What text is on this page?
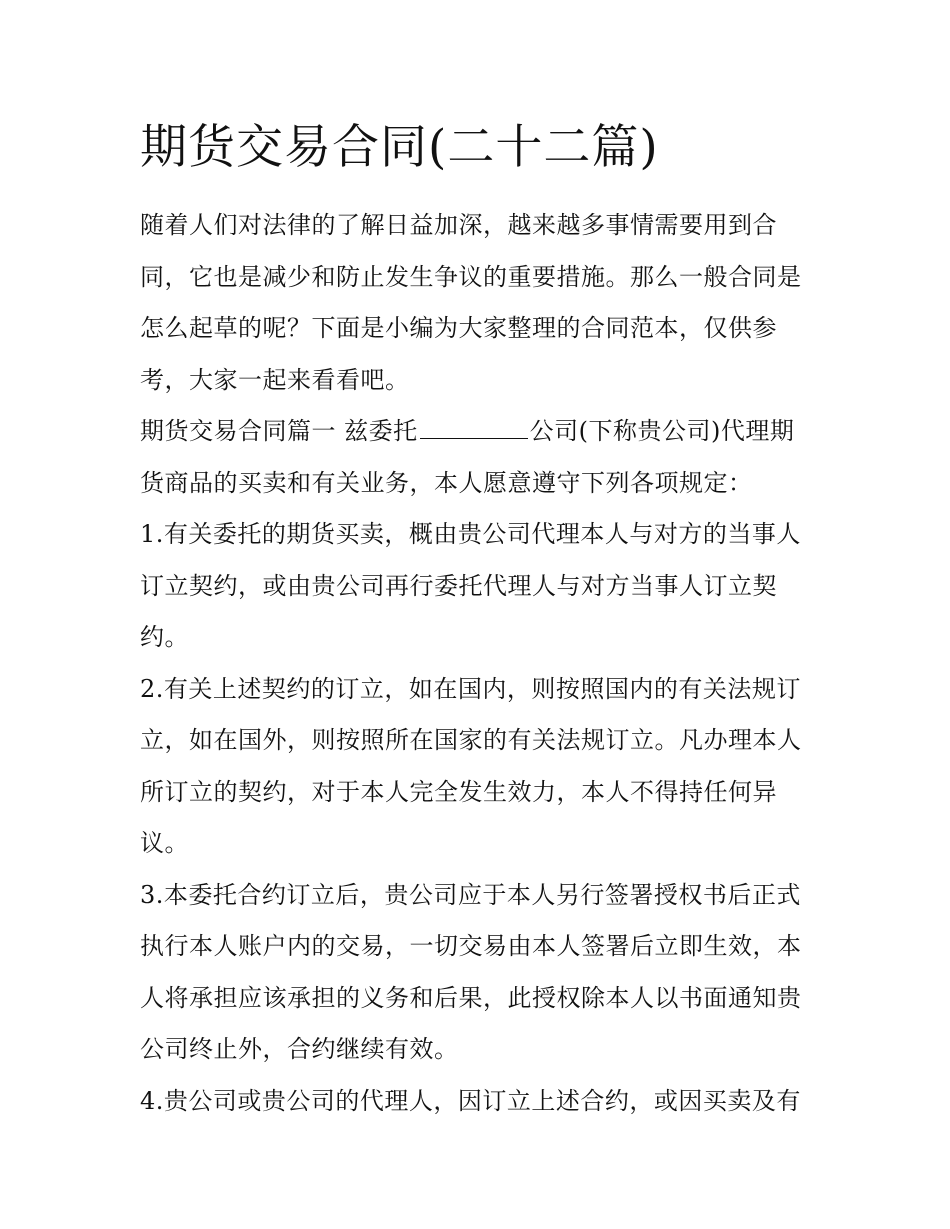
期货交易合同(二十二篇)

随着人们对法律的了解日益加深，越来越多事情需要用到合同，它也是减少和防止发生争议的重要措施。那么一般合同是怎么起草的呢？下面是小编为大家整理的合同范本，仅供参考，大家一起来看看吧。

期货交易合同篇一 兹委托	公司(下称贵公司)代理期货商品的买卖和有关业务，本人愿意遵守下列各项规定：

1.有关委托的期货买卖，概由贵公司代理本人与对方的当事人订立契约，或由贵公司再行委托代理人与对方当事人订立契约。

2.有关上述契约的订立，如在国内，则按照国内的有关法规订立，如在国外，则按照所在国家的有关法规订立。凡办理本人所订立的契约，对于本人完全发生效力，本人不得持任何异议。

3.本委托合约订立后，贵公司应于本人另行签署授权书后正式执行本人账户内的交易，一切交易由本人签署后立即生效，本人将承担应该承担的义务和后果，此授权除本人以书面通知贵公司终止外，合约继续有效。

4.贵公司或贵公司的代理人，因订立上述合约，或因买卖及有
